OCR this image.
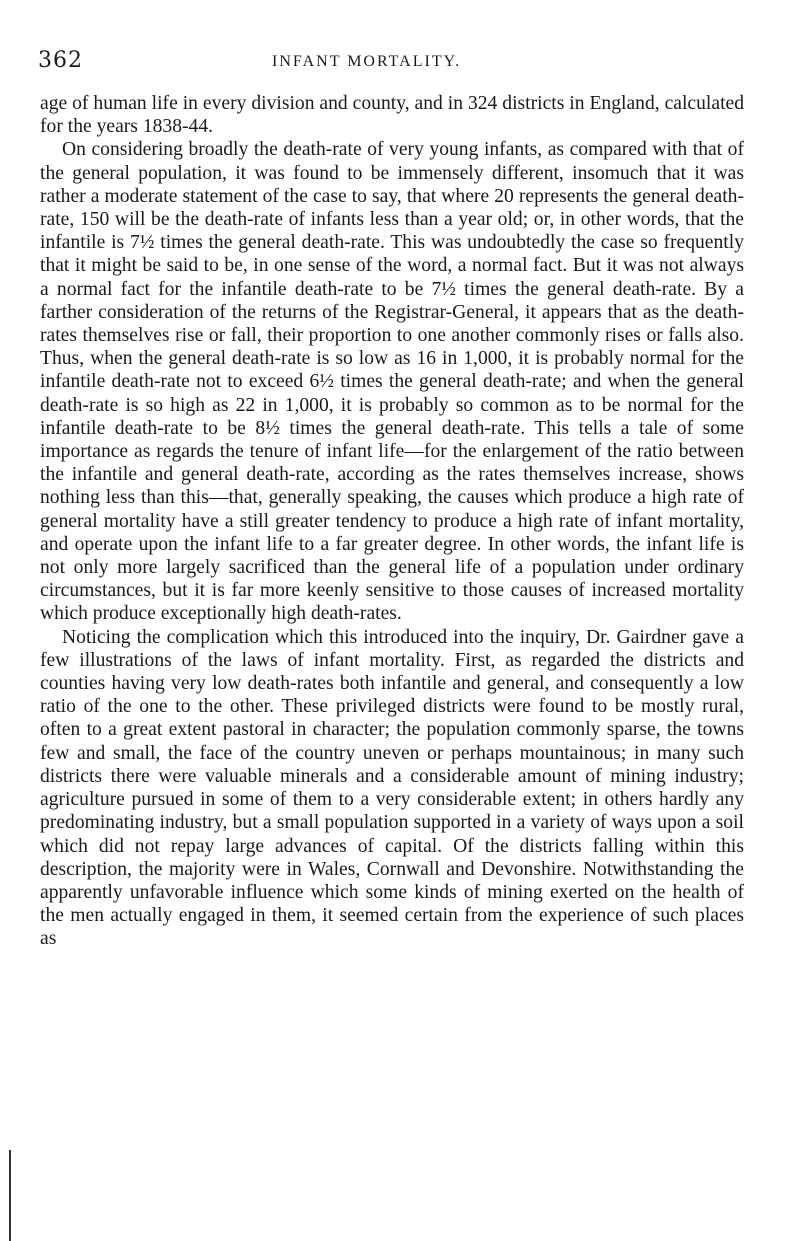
362	INFANT MORTALITY.

age of human life in every division and county, and in 324 districts in England, calculated for the years 1838-44.

On considering broadly the death-rate of very young infants, as compared with that of the general population, it was found to be immensely different, insomuch that it was rather a moderate statement of the case to say, that where 20 represents the general death-rate, 150 will be the death-rate of infants less than a year old; or, in other words, that the infantile is 7½ times the general death-rate. This was undoubtedly the case so frequently that it might be said to be, in one sense of the word, a normal fact. But it was not always a normal fact for the infantile death-rate to be 7½ times the general death-rate. By a farther consideration of the returns of the Registrar-General, it appears that as the death-rates themselves rise or fall, their proportion to one another commonly rises or falls also. Thus, when the general death-rate is so low as 16 in 1,000, it is probably normal for the infantile death-rate not to exceed 6½ times the general death-rate; and when the general death-rate is so high as 22 in 1,000, it is probably so common as to be normal for the infantile death-rate to be 8½ times the general death-rate. This tells a tale of some importance as regards the tenure of infant life—for the enlargement of the ratio between the infantile and general death-rate, according as the rates themselves increase, shows nothing less than this—that, generally speaking, the causes which produce a high rate of general mortality have a still greater tendency to produce a high rate of infant mortality, and operate upon the infant life to a far greater degree. In other words, the infant life is not only more largely sacrificed than the general life of a population under ordinary circumstances, but it is far more keenly sensitive to those causes of increased mortality which produce exceptionally high death-rates.

Noticing the complication which this introduced into the inquiry, Dr. Gairdner gave a few illustrations of the laws of infant mortality. First, as regarded the districts and counties having very low death-rates both infantile and general, and consequently a low ratio of the one to the other. These privileged districts were found to be mostly rural, often to a great extent pastoral in character; the population commonly sparse, the towns few and small, the face of the country uneven or perhaps mountainous; in many such districts there were valuable minerals and a considerable amount of mining industry; agriculture pursued in some of them to a very considerable extent; in others hardly any predominating industry, but a small population supported in a variety of ways upon a soil which did not repay large advances of capital. Of the districts falling within this description, the majority were in Wales, Cornwall and Devonshire. Notwithstanding the apparently unfavorable influence which some kinds of mining exerted on the health of the men actually engaged in them, it seemed certain from the experience of such places as
